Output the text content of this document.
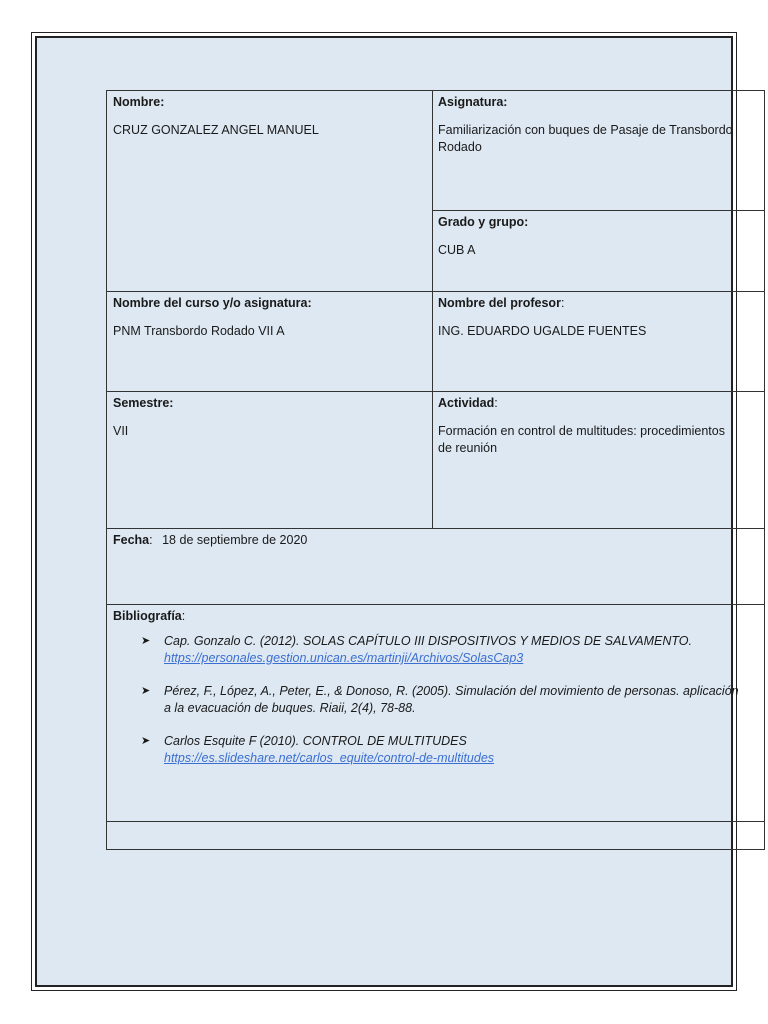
Nombre:
CRUZ GONZALEZ ANGEL MANUEL
Asignatura:
Familiarización con buques de Pasaje de Transbordo Rodado
Grado y grupo:
CUB A
Nombre del curso y/o asignatura:
PNM Transbordo Rodado VII A
Nombre del profesor:
ING. EDUARDO UGALDE FUENTES
Semestre:
VII
Actividad:
Formación en control de multitudes: procedimientos de reunión
Fecha: 18 de septiembre de 2020
Bibliografía:
➤ Cap. Gonzalo C. (2012). SOLAS CAPÍTULO III DISPOSITIVOS Y MEDIOS DE SALVAMENTO. https://personales.gestion.unican.es/martinji/Archivos/SolasCap3
➤ Pérez, F., López, A., Peter, E., & Donoso, R. (2005). Simulación del movimiento de personas. aplicación a la evacuación de buques. Riaii, 2(4), 78-88.
➤ Carlos Esquite F (2010). CONTROL DE MULTITUDES
https://es.slideshare.net/carlos_equite/control-de-multitudes
